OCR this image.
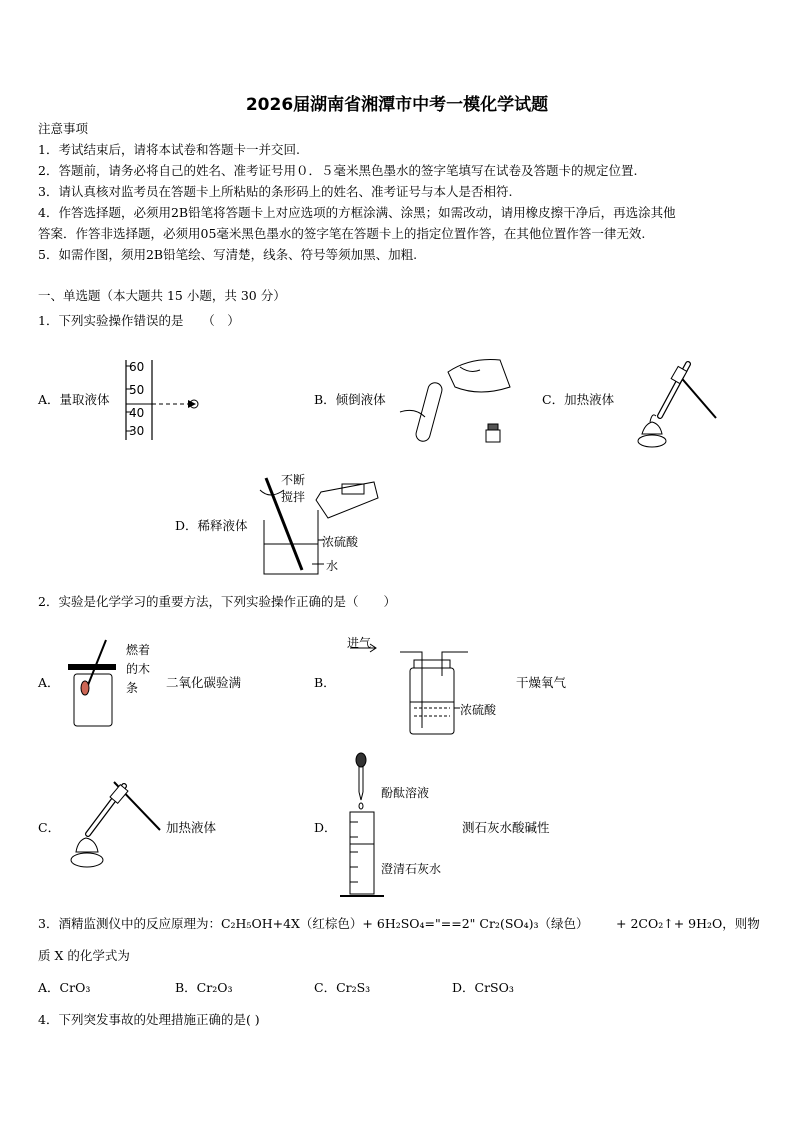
2026届湖南省湘潭市中考一模化学试题
注意事项
1．考试结束后，请将本试卷和答题卡一并交回.
2．答题前，请务必将自己的姓名、准考证号用０．５毫米黑色墨水的签字笔填写在试卷及答题卡的规定位置.
3．请认真核对监考员在答题卡上所粘贴的条形码上的姓名、准考证号与本人是否相符.
4．作答选择题，必须用2B铅笔将答题卡上对应选项的方框涂满、涂黑；如需改动，请用橡皮擦干净后，再选涂其他
答案．作答非选择题，必须用05毫米黑色墨水的签字笔在答题卡上的指定位置作答，在其他位置作答一律无效.
5．如需作图，须用2B铅笔绘、写清楚，线条、符号等须加黑、加粗.
一、单选题（本大题共 15 小题，共 30 分）
1．下列实验操作错误的是　　（　）
A．量取液体
60
50
40
30
B．倾倒液体	C．加热液体
D．稀释液体
不断
搅拌
浓硫酸
水
2．实验是化学学习的重要方法，下列实验操作正确的是（　　）
A．
燃着
的木
条 二氧化碳验满	B．
进气
浓硫酸
干燥氧气
C．	加热液体	D．
酚酞溶液
澄清石灰水
测石灰水酸碱性
3．酒精监测仪中的反应原理为：C₂H₅OH+4X（红棕色）+ 6H₂SO₄="==2" Cr₂(SO₄)₃（绿色） + 2CO₂↑+ 9H₂O，则物
质 X 的化学式为
A．CrO₃	B．Cr₂O₃	C．Cr₂S₃	D．CrSO₃
4．下列突发事故的处理措施正确的是( )
